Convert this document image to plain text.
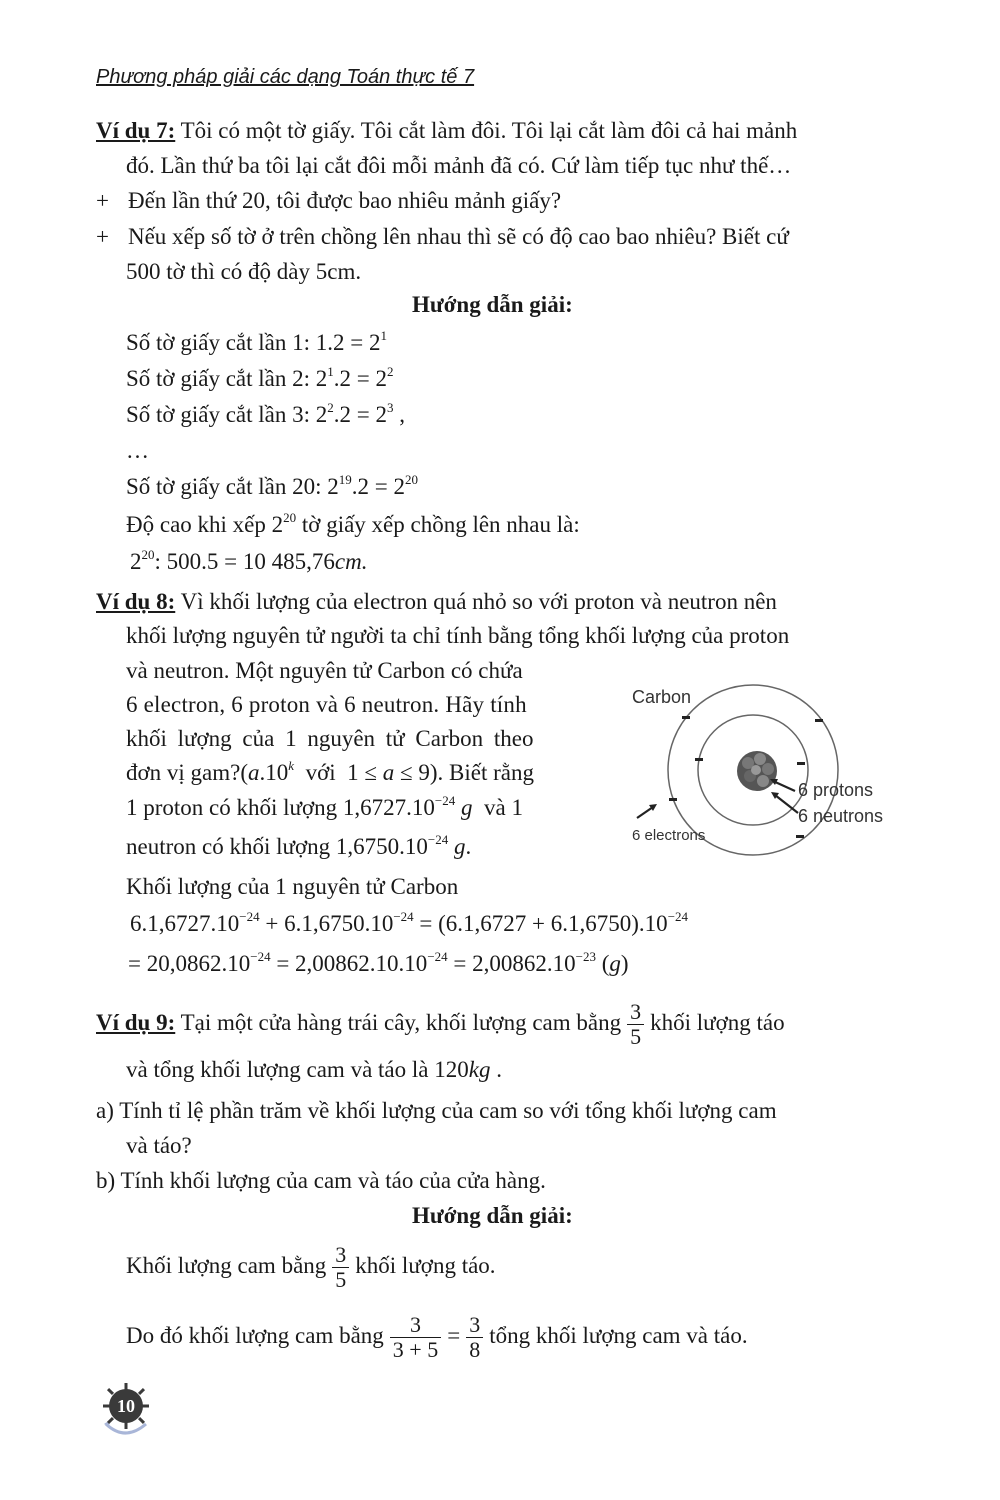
Phương pháp giải các dạng Toán thực tế 7
Ví dụ 7: Tôi có một tờ giấy. Tôi cắt làm đôi. Tôi lại cắt làm đôi cả hai mảnh
đó. Lần thứ ba tôi lại cắt đôi mỗi mảnh đã có. Cứ làm tiếp tục như thế…
+ Đến lần thứ 20, tôi được bao nhiêu mảnh giấy?
+ Nếu xếp số tờ ở trên chồng lên nhau thì sẽ có độ cao bao nhiêu? Biết cứ
500 tờ thì có độ dày 5cm.
Hướng dẫn giải:
Số tờ giấy cắt lần 1: $1.2 = 2^1$
Số tờ giấy cắt lần 2: $2^1.2 = 2^2$
Số tờ giấy cắt lần 3: $2^2.2 = 2^3$ ,
…
Số tờ giấy cắt lần 20: $2^{19}.2 = 2^{20}$
Độ cao khi xếp $2^{20}$ tờ giấy xếp chồng lên nhau là:
$2^{20}$: 500.5 = 10 485,76cm.
Ví dụ 8: Vì khối lượng của electron quá nhỏ so với proton và neutron nên
khối lượng nguyên tử người ta chỉ tính bằng tổng khối lượng của proton
và neutron. Một nguyên tử Carbon có chứa
6 electron, 6 proton và 6 neutron. Hãy tính
khối lượng của 1 nguyên tử Carbon theo
đơn vị gam?(a.10$^k$  với  1 ≤ a ≤ 9). Biết rằng
1 proton có khối lượng $1,6727.10^{-24}$ g  và 1
neutron có khối lượng $1,6750.10^{-24}$ g.
Carbon
6 protons
6 neutrons
6 electrons
Khối lượng của 1 nguyên tử Carbon
$6.1,6727.10^{-24} + 6.1,6750.10^{-24} = (6.1,6727 + 6.1,6750).10^{-24}$
= $20,0862.10^{-24} = 2,00862.10.10^{-24} = 2,00862.10^{-23}$ (g)
Ví dụ 9: Tại một cửa hàng trái cây, khối lượng cam bằng $\frac{3}{5}$ khối lượng táo
và tổng khối lượng cam và táo là 120kg .
a) Tính tỉ lệ phần trăm về khối lượng của cam so với tổng khối lượng cam
và táo?
b) Tính khối lượng của cam và táo của cửa hàng.
Hướng dẫn giải:
Khối lượng cam bằng $\frac{3}{5}$ khối lượng táo.
Do đó khối lượng cam bằng $\frac{3}{3 + 5} = \frac{3}{8}$ tổng khối lượng cam và táo.
10
